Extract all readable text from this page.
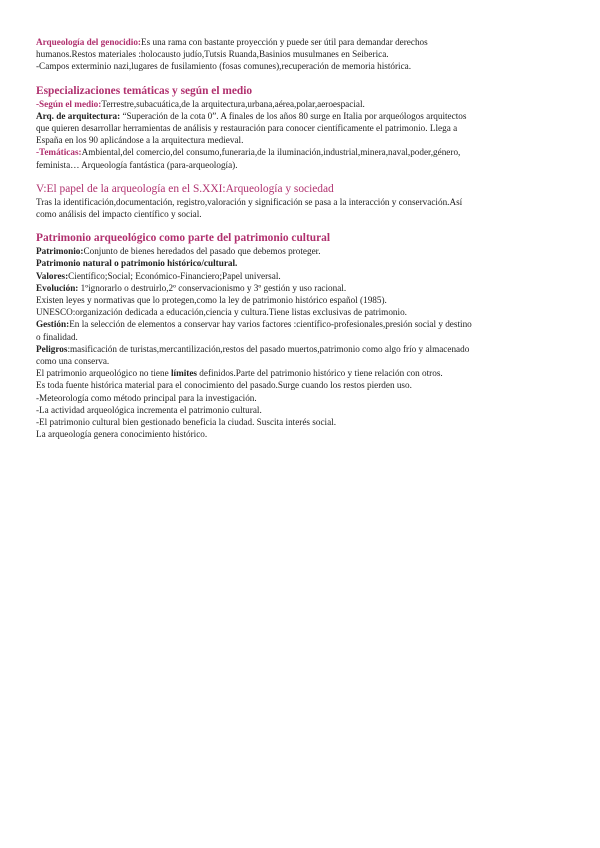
Arqueología del genocidio:Es una rama con bastante proyección y puede ser útil para demandar derechos

humanos.Restos materiales :holocausto judío,Tutsis Ruanda,Basinios musulmanes en Seiberica.

-Campos exterminio nazi,lugares de fusilamiento (fosas comunes),recuperación de memoria histórica.

Especializaciones temáticas y según el medio

-Según el medio:Terrestre,subacuática,de la arquitectura,urbana,aérea,polar,aeroespacial.

Arq. de arquitectura: “Superación de la cota 0”. A finales de los años 80 surge en Italia por arqueólogos arquitectos

que quieren desarrollar herramientas de análisis y restauración para conocer científicamente el patrimonio. Llega a

España en los 90 aplicándose a la arquitectura medieval.

-Temáticas:Ambiental,del comercio,del consumo,funeraria,de la iluminación,industrial,minera,naval,poder,género,

feminista… Arqueología fantástica (para-arqueología).

V:El papel de la arqueología en el S.XXI:Arqueología y sociedad

Tras la identificación,documentación, registro,valoración y significación se pasa a la interacción y conservación.Así

como análisis del impacto científico y social.

Patrimonio arqueológico como parte del patrimonio cultural

Patrimonio:Conjunto de bienes heredados del pasado que debemos proteger.

Patrimonio natural o patrimonio histórico/cultural.

Valores:Científico;Social; Económico-Financiero;Papel universal.

Evolución: 1ºignorarlo o destruirlo,2º conservacionismo y 3º gestión y uso racional.

Existen leyes y normativas que lo protegen,como la ley de patrimonio histórico español (1985).

UNESCO:organización dedicada a educación,ciencia y cultura.Tiene listas exclusivas de patrimonio.

Gestión:En la selección de elementos a conservar hay varios factores :científico-profesionales,presión social y destino

o finalidad.

Peligros:masificación de turistas,mercantilización,restos del pasado muertos,patrimonio como algo frío y almacenado

como una conserva.

El patrimonio arqueológico no tiene límites definidos.Parte del patrimonio histórico y tiene relación con otros.

Es toda fuente histórica material para el conocimiento del pasado.Surge cuando los restos pierden uso.

-Meteorología como método principal para la investigación.

-La actividad arqueológica incrementa el patrimonio cultural.

-El patrimonio cultural bien gestionado beneficia la ciudad. Suscita interés social.

La arqueología genera conocimiento histórico.
